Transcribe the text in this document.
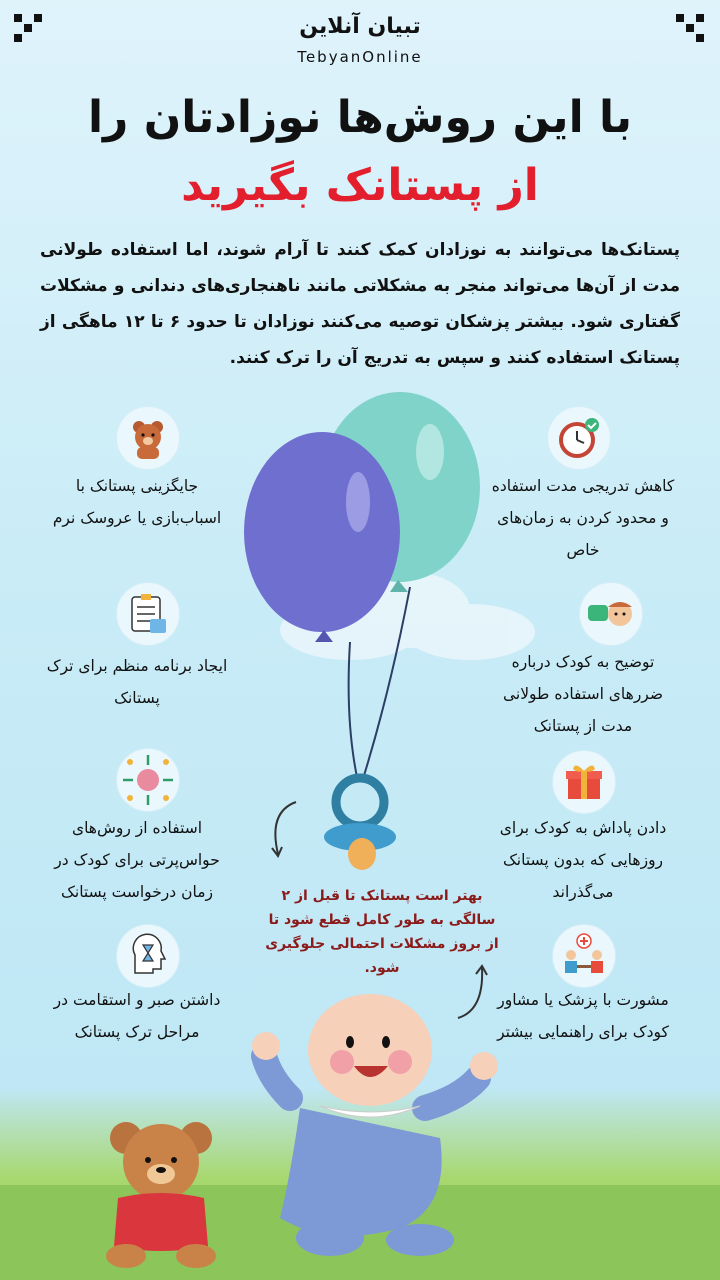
تبیان آنلاین
TebyanOnline
با این روش‌ها نوزادتان را
از پستانک بگیرید
پستانک‌ها می‌توانند به نوزادان کمک کنند تا آرام شوند، اما استفاده طولانی مدت از آن‌ها می‌تواند منجر به مشکلاتی مانند ناهنجاری‌های دندانی و مشکلات گفتاری شود. بیشتر پزشکان توصیه می‌کنند نوزادان تا حدود ۶ تا ۱۲ ماهگی از پستانک استفاده کنند و سپس به تدریج آن را ترک کنند.
جایگزینی پستانک با اسباب‌بازی یا عروسک نرم
ایجاد برنامه منظم برای ترک پستانک
استفاده از روش‌های حواس‌پرتی برای کودک در زمان درخواست پستانک
داشتن صبر و استقامت در مراحل ترک پستانک
کاهش تدریجی مدت استفاده و محدود کردن به زمان‌های خاص
توضیح به کودک درباره ضررهای استفاده طولانی مدت از پستانک
دادن پاداش به کودک برای روزهایی که بدون پستانک می‌گذراند
مشورت با پزشک یا مشاور کودک برای راهنمایی بیشتر
بهتر است پستانک تا قبل از ۲ سالگی به طور کامل قطع شود تا از بروز مشکلات احتمالی جلوگیری شود.
